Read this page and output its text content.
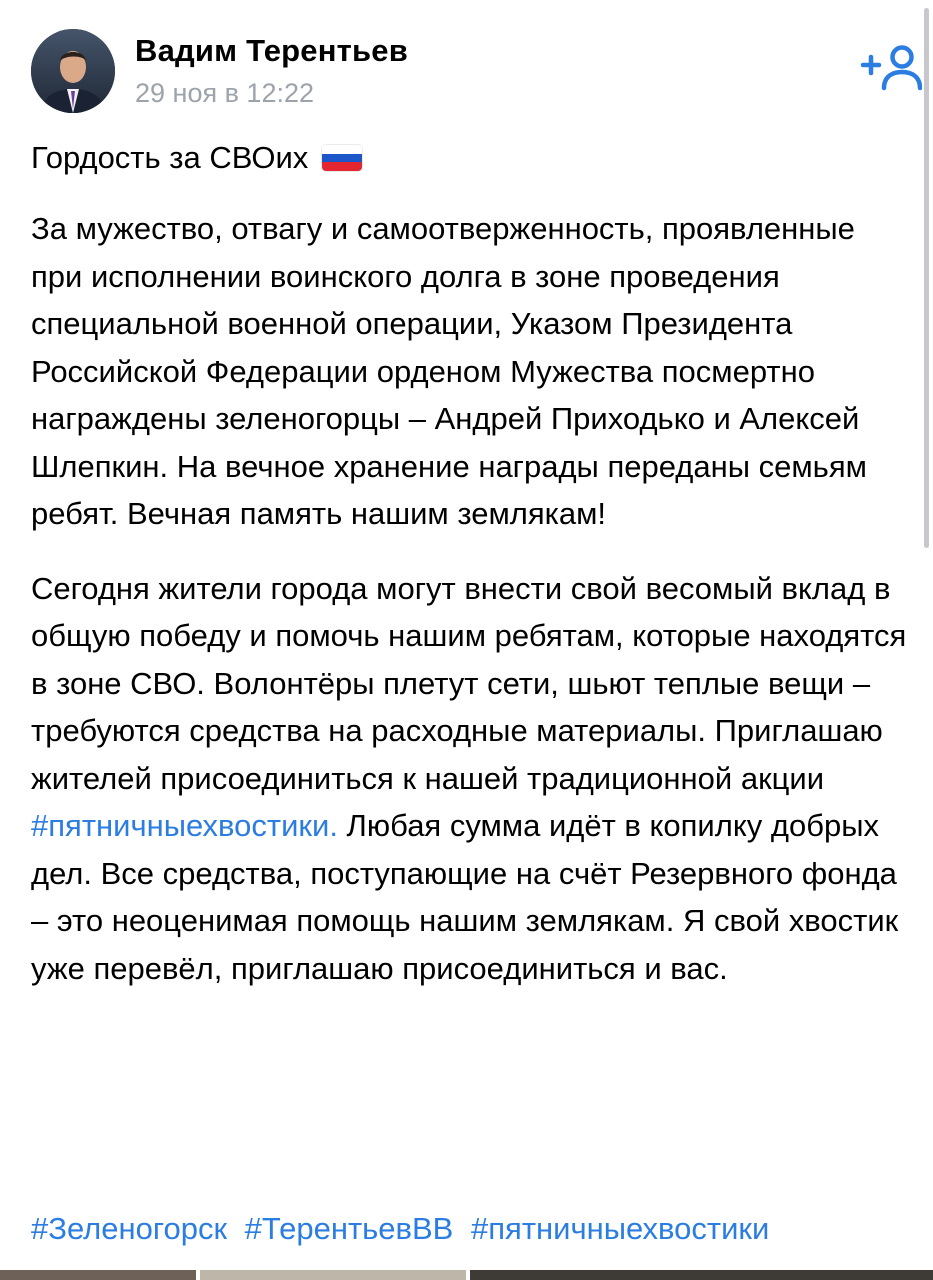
Вадим Терентьев
29 ноя в 12:22
Гордость за СВОих

За мужество, отвагу и самоотверженность, проявленные при исполнении воинского долга в зоне проведения специальной военной операции, Указом Президента Российской Федерации орденом Мужества посмертно награждены зеленогорцы – Андрей Приходько и Алексей Шлепкин. На вечное хранение награды переданы семьям ребят. Вечная память нашим землякам!

Сегодня жители города могут внести свой весомый вклад в общую победу и помочь нашим ребятам, которые находятся в зоне СВО. Волонтёры плетут сети, шьют теплые вещи – требуются средства на расходные материалы. Приглашаю жителей присоединиться к нашей традиционной акции #пятничныехвостики. Любая сумма идёт в копилку добрых дел. Все средства, поступающие на счёт Резервного фонда – это неоценимая помощь нашим землякам. Я свой хвостик уже перевёл, приглашаю присоединиться и вас.

#Зеленогорск #ТерентьевВВ #пятничныехвостики
